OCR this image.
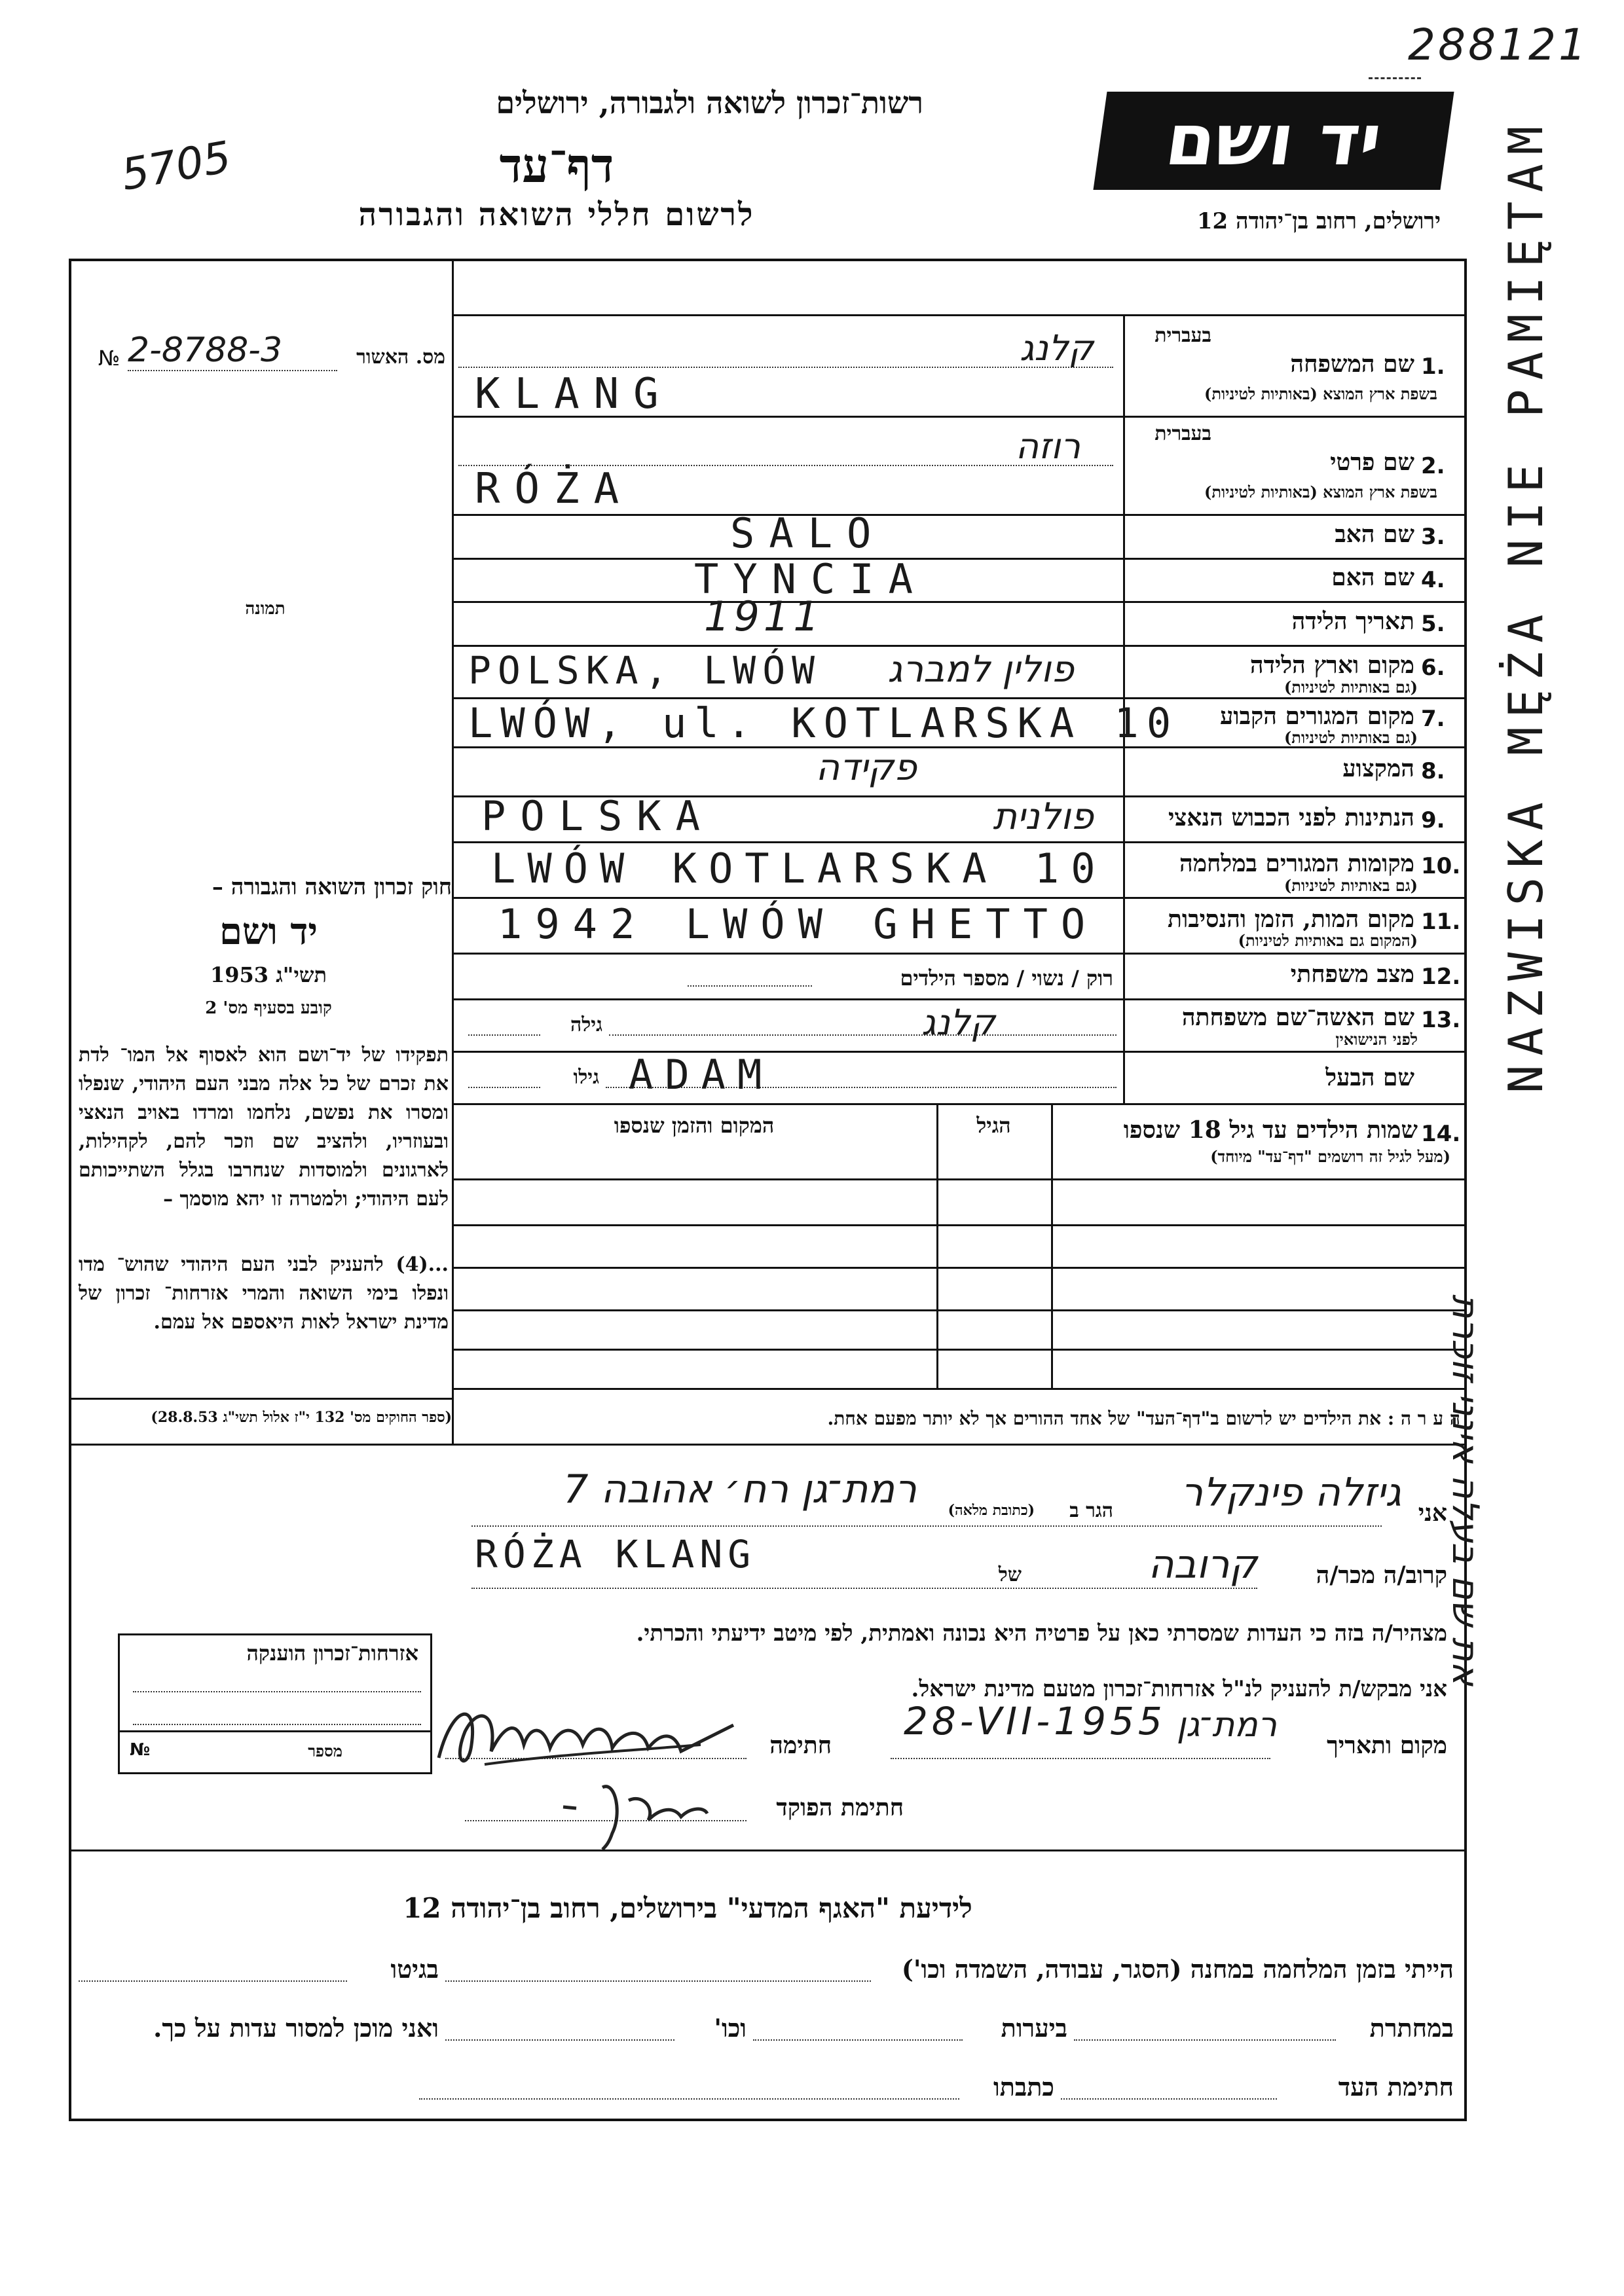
288121
5705
רשות־זכרון לשואה ולגבורה, ירושלים
דף־עד
לרשום חללי השואה והגבורה
יד ושם
ירושלים, רחוב בן־יהודה 12
מס. האשור
№ 2-8788-3
תמונה
חוק זכרון השואה והגבורה –
יד ושם
תשי"ג 1953
קובע בסעיף מס' 2
תפקידו של יד־ושם הוא לאסוף אל המו־ לדת את זכרם של כל אלה מבני העם היהודי, שנפלו ומסרו את נפשם, נלחמו ומרדו באויב הנאצי ובעוזריו, ולהציב שם וזכר להם, לקהילות, לארגונים ולמוסדות שנחרבו בגלל השתייכותם לעם היהודי; ולמטרה זו יהא מוסמך –
...(4) להעניק לבני העם היהודי שהוש־ מדו ונפלו בימי השואה והמרי אזרחות־ זכרון של מדינת ישראל לאות היאספם אל עמם.
(ספר החוקים מס' 132 י"ז אלול תשי"ג 28.8.53)
בעברית
1.
שם המשפחה
בשפת ארץ המוצא (באותיות לטיניות)
קלנג
KLANG
בעברית
2.
שם פרטי
בשפת ארץ המוצא (באותיות לטיניות)
רוזה
RÓŻA
3.
שם האב
SALO
4.
שם האם
TYNCIA
5.
תאריך הלידה
1911
6.
מקום וארץ הלידה
(גם באותיות לטיניות)
POLSKA, LWÓW	פולין למברג
7.
מקום המגורים הקבוע
(גם באותיות לטיניות)
LWÓW, ul. KOTLARSKA 10
8.
המקצוע
פקידה
9.
הנתינות לפני הכבוש הנאצי
POLSKA	פולנית
10.
מקומות המגורים במלחמה
(גם באותיות לטיניות)
LWÓW KOTLARSKA 10
11.
מקום המות, הזמן והנסיבות
(המקום גם באותיות לטיניות)
1942 LWÓW GHETTO
12.
מצב משפחתי
רוק / נשוי / מספר הילדים
13.
שם האשה־שם משפחתה
לפני הנישואין
גילה	קלנג
שם הבעל
גילו ADAM
14.
שמות הילדים עד גיל 18 שנספו
(מעל לגיל זה רושמים "דף־עד" מיוחד)
הגיל
המקום והזמן שנספו
ה ע ר ה : את הילדים יש לרשום ב"דף־העד" של אחד ההורים אך לא יותר מפעם אחת.
אני
גיזלה פינקלר
הגר ב
(כתובת מלאה)
רמת־גן רח׳ אהובה 7
קרוב/ה מכר/ה
קרובה
של
RÓŻA KLANG
מצהיר/ה בזה כי העדות שמסרתי כאן על פרטיה היא נכונה ואמתית, לפי מיטב ידיעתי והכרתי.
אזרחות־זכרון הוענקה
מספר
№
אני מבקש/ת להעניק לנ"ל אזרחות־זכרון מטעם מדינת ישראל.
מקום ותאריך
רמת־גן
28-VII-1955
חתימה
חתימת הפוקד
לידיעת "האגף המדעי" בירושלים, רחוב בן־יהודה 12
הייתי בזמן המלחמה במחנה (הסגר, עבודה, השמדה וכו')
בגיטו
במחתרת
ביערות
וכו'
ואני מוכן למסור עדות על כך.
חתימת העד
כתבתו
NAZWISKA MĘŻA NIE PAMIĘTAM
את שם בעלה אינני זוכרת
